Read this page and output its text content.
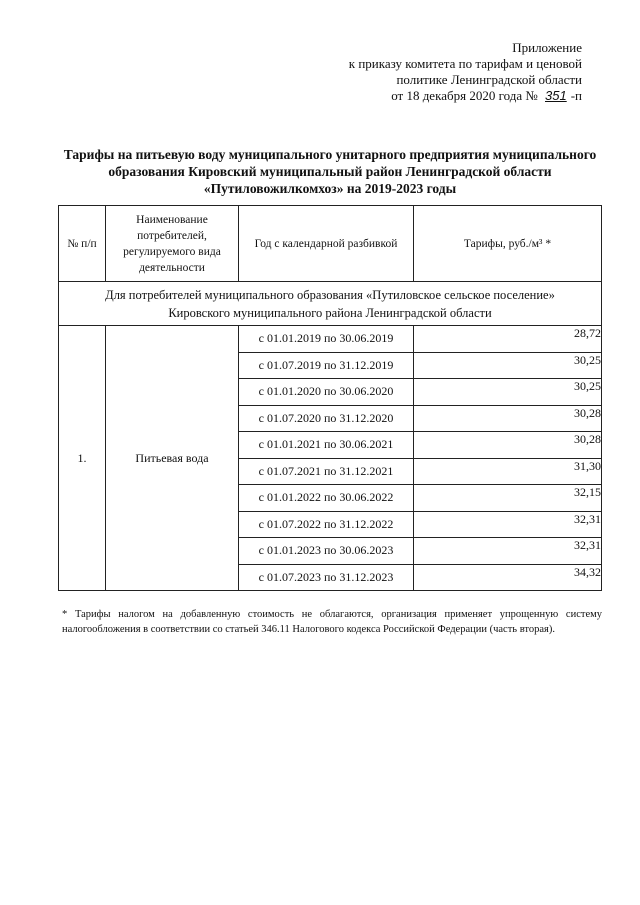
Приложение
к приказу комитета по тарифам и ценовой
политике Ленинградской области
от 18 декабря 2020 года № 351 -п
Тарифы на питьевую воду муниципального унитарного предприятия муниципального
образования Кировский муниципальный район Ленинградской области
«Путиловожилкомхоз» на 2019-2023 годы
№ п/п	Наименование потребителей, регулируемого вида деятельности	Год с календарной разбивкой	Тарифы, руб./м³ *

Для потребителей муниципального образования «Путиловское сельское поселение»
Кировского муниципального района Ленинградской области			

1.	Питьевая вода	с 01.01.2019 по 30.06.2019	28,72
		с 01.07.2019 по 31.12.2019	30,25
		с 01.01.2020 по 30.06.2020	30,25
		с 01.07.2020 по 31.12.2020	30,28
		с 01.01.2021 по 30.06.2021	30,28
		с 01.07.2021 по 31.12.2021	31,30
		с 01.01.2022 по 30.06.2022	32,15
		с 01.07.2022 по 31.12.2022	32,31
		с 01.01.2023 по 30.06.2023	32,31
		с 01.07.2023 по 31.12.2023	34,32
* Тарифы налогом на добавленную стоимость не облагаются, организация применяет упрощенную систему налогообложения в соответствии со статьей 346.11 Налогового кодекса Российской Федерации (часть вторая).
